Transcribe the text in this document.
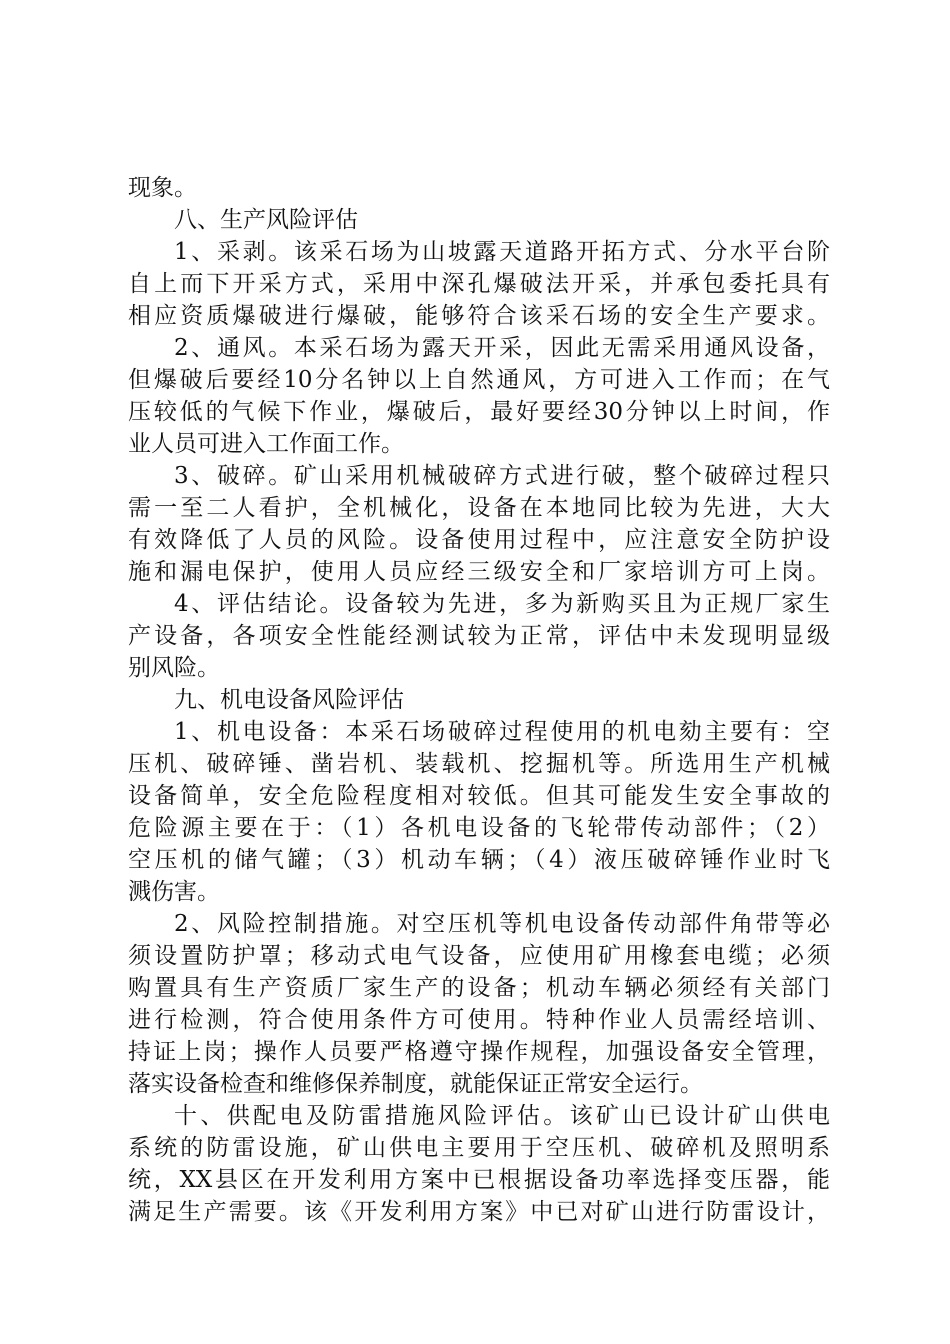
现象。
八、生产风险评估
1、采剥。该采石场为山坡露天道路开拓方式、分水平台阶
自上而下开采方式，采用中深孔爆破法开采，并承包委托具有
相应资质爆破进行爆破，能够符合该采石场的安全生产要求。
2、通风。本采石场为露天开采，因此无需采用通风设备，
但爆破后要经10分名钟以上自然通风，方可进入工作而；在气
压较低的气候下作业，爆破后，最好要经30分钟以上时间，作
业人员可进入工作面工作。
3、破碎。矿山采用机械破碎方式进行破，整个破碎过程只
需一至二人看护，全机械化，设备在本地同比较为先进，大大
有效降低了人员的风险。设备使用过程中，应注意安全防护设
施和漏电保护，使用人员应经三级安全和厂家培训方可上岗。
4、评估结论。设备较为先进，多为新购买且为正规厂家生
产设备，各项安全性能经测试较为正常，评估中未发现明显级
别风险。
九、机电设备风险评估
1、机电设备：本采石场破碎过程使用的机电劾主要有：空
压机、破碎锤、凿岩机、装载机、挖掘机等。所选用生产机械
设备简单，安全危险程度相对较低。但其可能发生安全事故的
危险源主要在于：（1）各机电设备的飞轮带传动部件；（2）
空压机的储气罐；（3）机动车辆；（4）液压破碎锤作业时飞
溅伤害。
2、风险控制措施。对空压机等机电设备传动部件角带等必
须设置防护罩；移动式电气设备，应使用矿用橡套电缆；必须
购置具有生产资质厂家生产的设备；机动车辆必须经有关部门
进行检测，符合使用条件方可使用。特种作业人员需经培训、
持证上岗；操作人员要严格遵守操作规程，加强设备安全管理，
落实设备检查和维修保养制度，就能保证正常安全运行。
十、供配电及防雷措施风险评估。该矿山已设计矿山供电
系统的防雷设施，矿山供电主要用于空压机、破碎机及照明系
统，XX县区在开发利用方案中已根据设备功率选择变压器，能
满足生产需要。该《开发利用方案》中已对矿山进行防雷设计，
